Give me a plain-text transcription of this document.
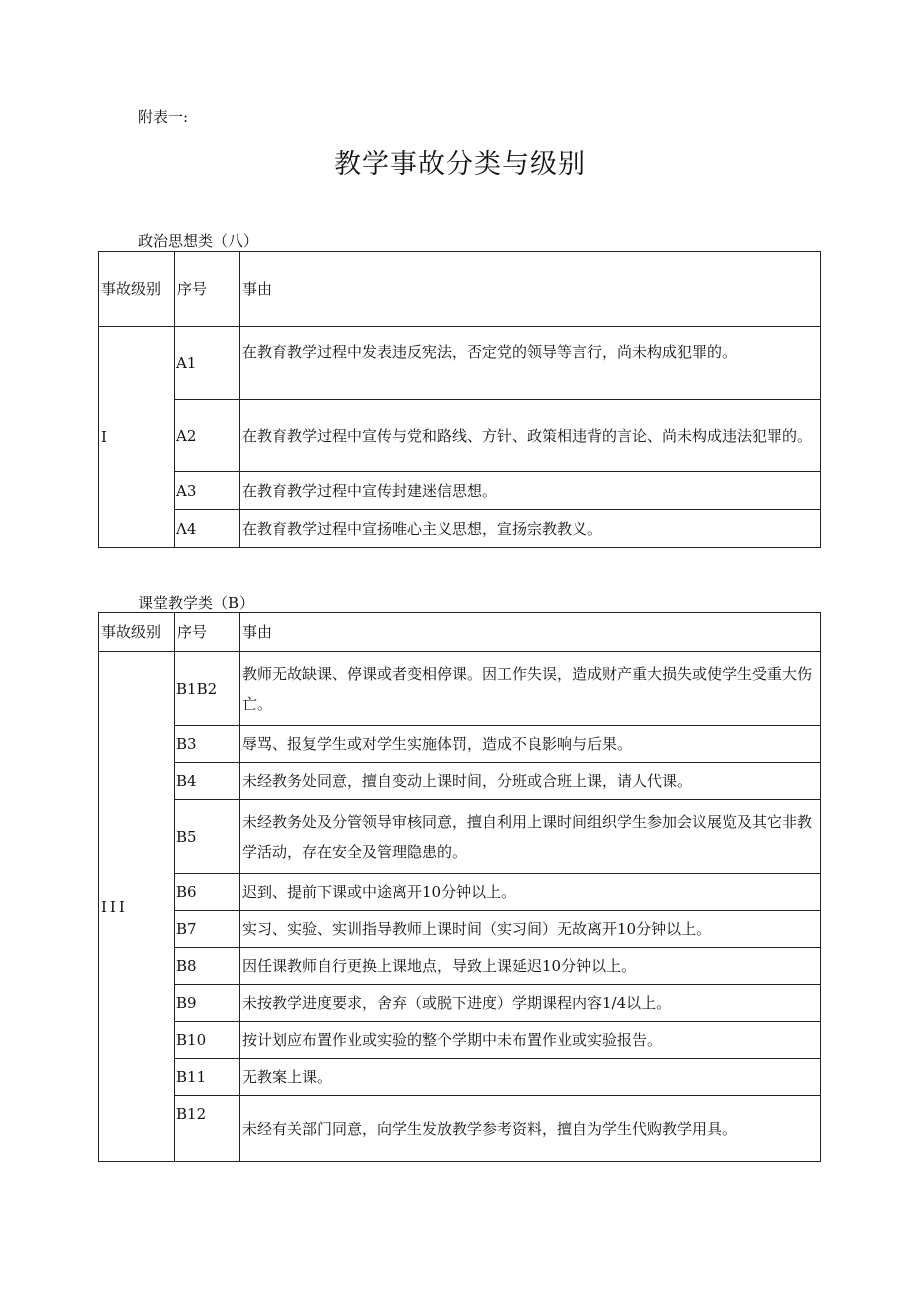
附表一:
教学事故分类与级别
政治思想类（八）
事故级别	序号	事由
I	A1	在教育教学过程中发表违反宪法，否定党的领导等言行，尚未构成犯罪的。
	A2	在教育教学过程中宣传与党和路线、方针、政策相违背的言论、尚未构成违法犯罪的。
	A3	在教育教学过程中宣传封建迷信思想。
	Λ4	在教育教学过程中宣扬唯心主义思想，宣扬宗教教义。
课堂教学类（B）
事故级别	序号	事由
III	B1B2	教师无故缺课、停课或者变相停课。因工作失误，造成财产重大损失或使学生受重大伤亡。
	B3	辱骂、报复学生或对学生实施体罚，造成不良影响与后果。
	B4	未经教务处同意，擅自变动上课时间，分班或合班上课，请人代课。
	B5	未经教务处及分管领导审核同意，擅自利用上课时间组织学生参加会议展览及其它非教学活动，存在安全及管理隐患的。
	B6	迟到、提前下课或中途离开10分钟以上。
	B7	实习、实验、实训指导教师上课时间（实习间）无故离开10分钟以上。
	B8	因任课教师自行更换上课地点，导致上课延迟10分钟以上。
	B9	未按教学进度要求，舍弃（或脱下进度）学期课程内容1/4以上。
	B10	按计划应布置作业或实验的整个学期中未布置作业或实验报告。
	B11	无教案上课。
	B12	未经有关部门同意，向学生发放教学参考资料，擅自为学生代购教学用具。
